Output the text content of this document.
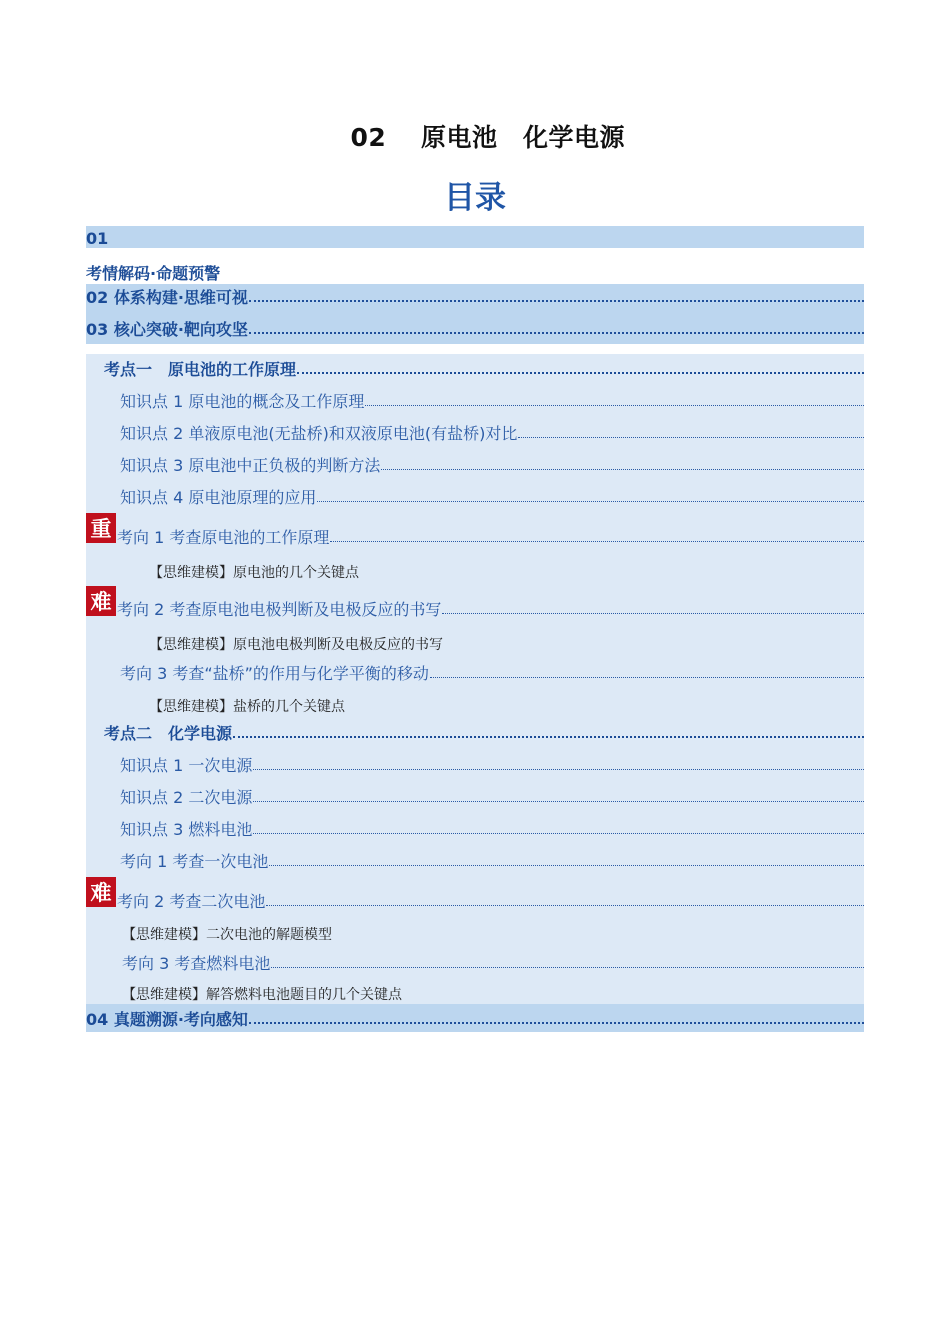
　02　 原电池　化学电源
目录
01
考情解码·命题预警
02 体系构建·思维可视
03 核心突破·靶向攻坚
考点一　原电池的工作原理
知识点 1 原电池的概念及工作原理
知识点 2 单液原电池(无盐桥)和双液原电池(有盐桥)对比
知识点 3 原电池中正负极的判断方法
知识点 4 原电池原理的应用
重 考向 1 考查原电池的工作原理
【思维建模】原电池的几个关键点
难 考向 2 考查原电池电极判断及电极反应的书写
【思维建模】原电池电极判断及电极反应的书写
考向 3 考查“盐桥”的作用与化学平衡的移动
【思维建模】盐桥的几个关键点
考点二　化学电源
知识点 1 一次电源
知识点 2 二次电源
知识点 3 燃料电池
考向 1 考查一次电池
难 考向 2 考查二次电池
【思维建模】二次电池的解题模型
考向 3 考查燃料电池
【思维建模】解答燃料电池题目的几个关键点
04 真题溯源·考向感知
